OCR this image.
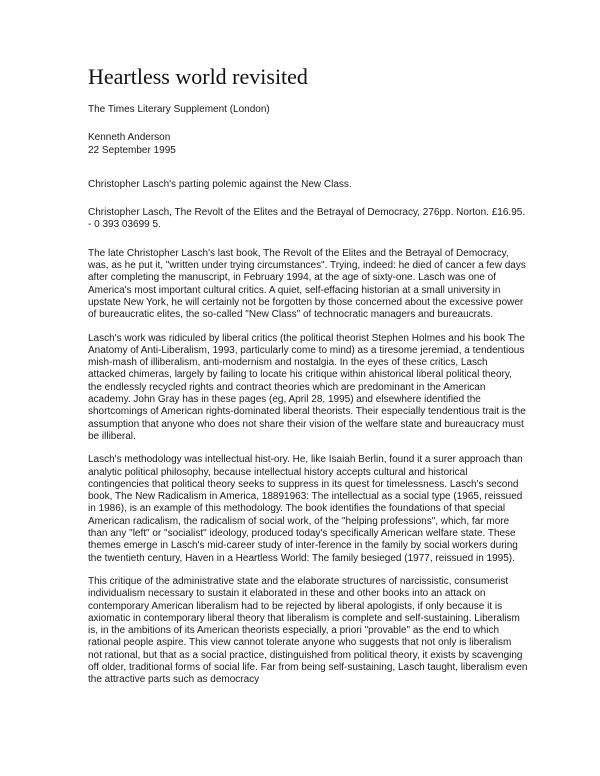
Heartless world revisited
The Times Literary Supplement (London)
Kenneth Anderson
22 September 1995

Christopher Lasch's parting polemic against the New Class.

Christopher Lasch, The Revolt of the Elites and the Betrayal of Democracy, 276pp. Norton. £16.95. - 0 393 03699 5.

The late Christopher Lasch's last book, The Revolt of the Elites and the Betrayal of Democracy, was, as he put it, "written under trying circumstances". Trying, indeed: he died of cancer a few days after completing the manuscript, in February 1994, at the age of sixty-one. Lasch was one of America's most important cultural critics. A quiet, self-effacing historian at a small university in upstate New York, he will certainly not be forgotten by those concerned about the excessive power of bureaucratic elites, the so-called "New Class" of technocratic managers and bureaucrats.

Lasch's work was ridiculed by liberal critics (the political theorist Stephen Holmes and his book The Anatomy of Anti-Liberalism, 1993, particularly come to mind) as a tiresome jeremiad, a tendentious mish-mash of illiberalism, anti-modernism and nostalgia. In the eyes of these critics, Lasch attacked chimeras, largely by failing to locate his critique within ahistorical liberal political theory, the endlessly recycled rights and contract theories which are predominant in the American academy. John Gray has in these pages (eg, April 28, 1995) and elsewhere identified the shortcomings of American rights-dominated liberal theorists. Their especially tendentious trait is the assumption that anyone who does not share their vision of the welfare state and bureaucracy must be illiberal.

Lasch's methodology was intellectual hist-ory. He, like Isaiah Berlin, found it a surer approach than analytic political philosophy, because intellectual history accepts cultural and historical contingencies that political theory seeks to suppress in its quest for timelessness. Lasch's second book, The New Radicalism in America, 18891963: The intellectual as a social type (1965, reissued in 1986), is an example of this methodology. The book identifies the foundations of that special American radicalism, the radicalism of social work, of the "helping professions", which, far more than any "left" or "socialist" ideology, produced today's specifically American welfare state. These themes emerge in Lasch's mid-career study of inter-ference in the family by social workers during the twentieth century, Haven in a Heartless World: The family besieged (1977, reissued in 1995).

This critique of the administrative state and the elaborate structures of narcissistic, consumerist individualism necessary to sustain it elaborated in these and other books into an attack on contemporary American liberalism had to be rejected by liberal apologists, if only because it is axiomatic in contemporary liberal theory that liberalism is complete and self-sustaining. Liberalism is, in the ambitions of its American theorists especially, a priori "provable" as the end to which rational people aspire. This view cannot tolerate anyone who suggests that not only is liberalism not rational, but that as a social practice, distinguished from political theory, it exists by scavenging off older, traditional forms of social life. Far from being self-sustaining, Lasch taught, liberalism even the attractive parts such as democracy
